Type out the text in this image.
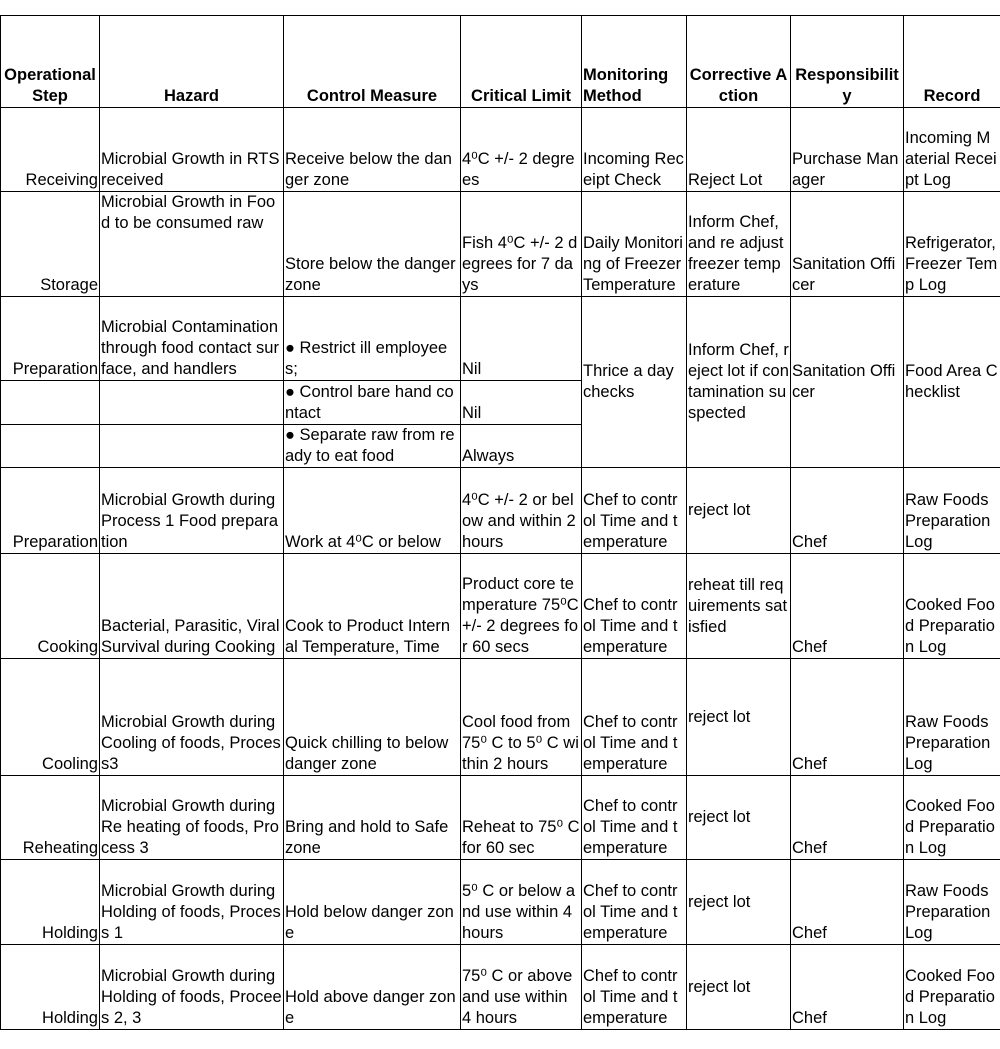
Operational Step	Hazard	Control Measure	Critical Limit	Monitoring Method	Corrective Action	Responsibility	Record
Receiving	Microbial Growth in RTS received	Receive below the danger zone	4⁰C +/- 2 degrees	Incoming Receipt Check	Reject Lot	Purchase Manager	Incoming Material Receipt Log
Storage	Microbial Growth in Food to be consumed raw	Store below the danger zone	Fish 4⁰C +/- 2 degrees for 7 days	Daily Monitoring of Freezer Temperature	Inform Chef, and re adjust freezer temperature	Sanitation Officer	Refrigerator, Freezer Temp Log
Preparation	Microbial Contamination through food contact surface, and handlers	● Restrict ill employees;	Nil	Thrice a day checks	Inform Chef, reject lot if contamination suspected	Sanitation Officer	Food Area Checklist
		● Control bare hand contact	Nil				
		● Separate raw from ready to eat food	Always				
Preparation	Microbial Growth during Process 1 Food preparation	Work at 4⁰C or below	4⁰C +/- 2 or below and within 2 hours	Chef to control Time and temperature	reject lot	Chef	Raw Foods Preparation Log
Cooking	Bacterial, Parasitic, Viral Survival during Cooking	Cook to Product Internal Temperature, Time	Product core temperature 75⁰C+/- 2 degrees for 60 secs	Chef to control Time and temperature	reheat till requirements satisfied	Chef	Cooked Food Preparation Log
Cooling	Microbial Growth during Cooling of foods, Process3	Quick chilling to below danger zone	Cool food from 75⁰ C to 5⁰ C within 2 hours	Chef to control Time and temperature	reject lot	Chef	Raw Foods Preparation Log
Reheating	Microbial Growth during Re heating of foods, Process 3	Bring and hold to Safe zone	Reheat to 75⁰ C for 60 sec	Chef to control Time and temperature	reject lot	Chef	Cooked Food Preparation Log
Holding	Microbial Growth during Holding of foods, Process 1	Hold below danger zone	5⁰ C or below and use within 4 hours	Chef to control Time and temperature	reject lot	Chef	Raw Foods Preparation Log
Holding	Microbial Growth during Holding of foods, Procees 2, 3	Hold above danger zone	75⁰ C or above and use within 4 hours	Chef to control Time and temperature	reject lot	Chef	Cooked Food Preparation Log
